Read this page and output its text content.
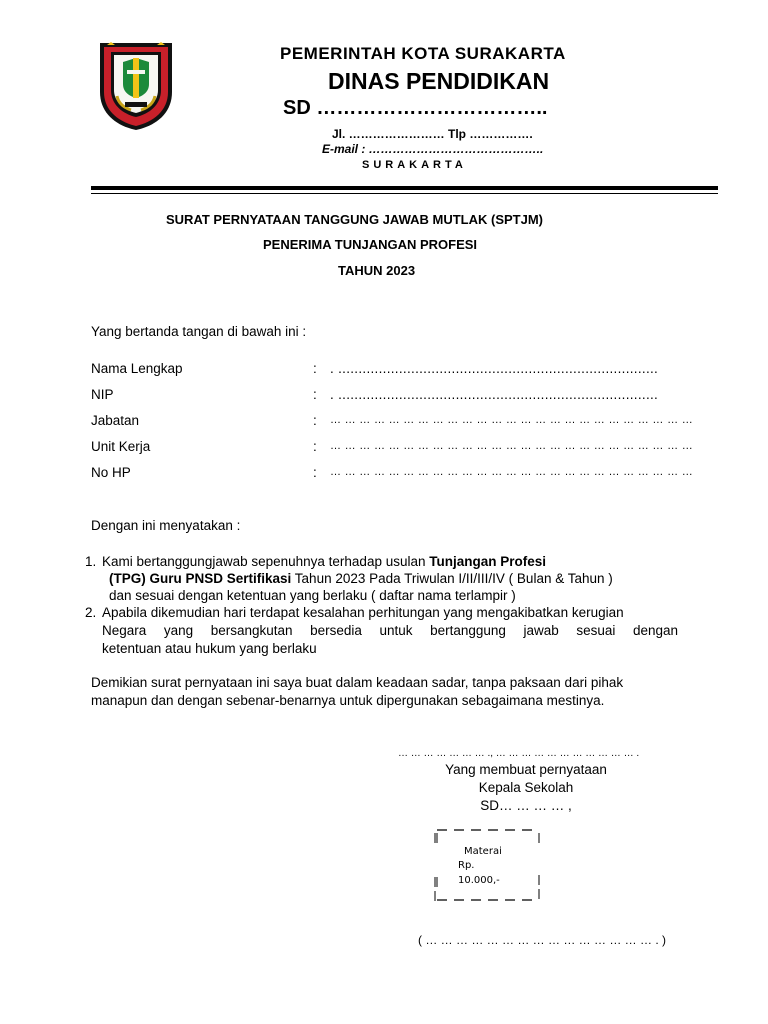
PEMERINTAH KOTA SURAKARTA
DINAS PENDIDIKAN
SD ……………………………..
Jl. …………………… Tlp …………….
E-mail : ……………………………………..
SURAKARTA
SURAT PERNYATAAN TANGGUNG JAWAB MUTLAK (SPTJM)
PENERIMA TUNJANGAN PROFESI
TAHUN 2023
Yang bertanda tangan di bawah ini :
Nama Lengkap	: . ...............................................................................
NIP	: . ...............................................................................
Jabatan	: … … … … … … … … … … … … … … … … … … … … … … … … …
Unit Kerja	: … … … … … … … … … … … … … … … … … … … … … … … … …
No HP	: … … … … … … … … … … … … … … … … … … … … … … … … …
Dengan ini menyatakan :
1. Kami bertanggungjawab sepenuhnya terhadap usulan Tunjangan Profesi
(TPG) Guru PNSD Sertifikasi Tahun 2023 Pada Triwulan I/II/III/IV ( Bulan & Tahun )
dan sesuai dengan ketentuan yang berlaku ( daftar nama terlampir )
2. Apabila dikemudian hari terdapat kesalahan perhitungan yang mengakibatkan kerugian
Negara yang bersangkutan bersedia untuk bertanggung jawab sesuai dengan
ketentuan atau hukum yang berlaku
Demikian surat pernyataan ini saya buat dalam keadaan sadar, tanpa paksaan dari pihak
manapun dan dengan sebenar-benarnya untuk dipergunakan sebagaimana mestinya.
… … … … … … … ., … … … … … … … … … … … .
Yang membuat pernyataan
Kepala Sekolah
SD… … … … ,
Materai
Rp.
10.000,-
( … … … … … … … … … … … … … … … . )
